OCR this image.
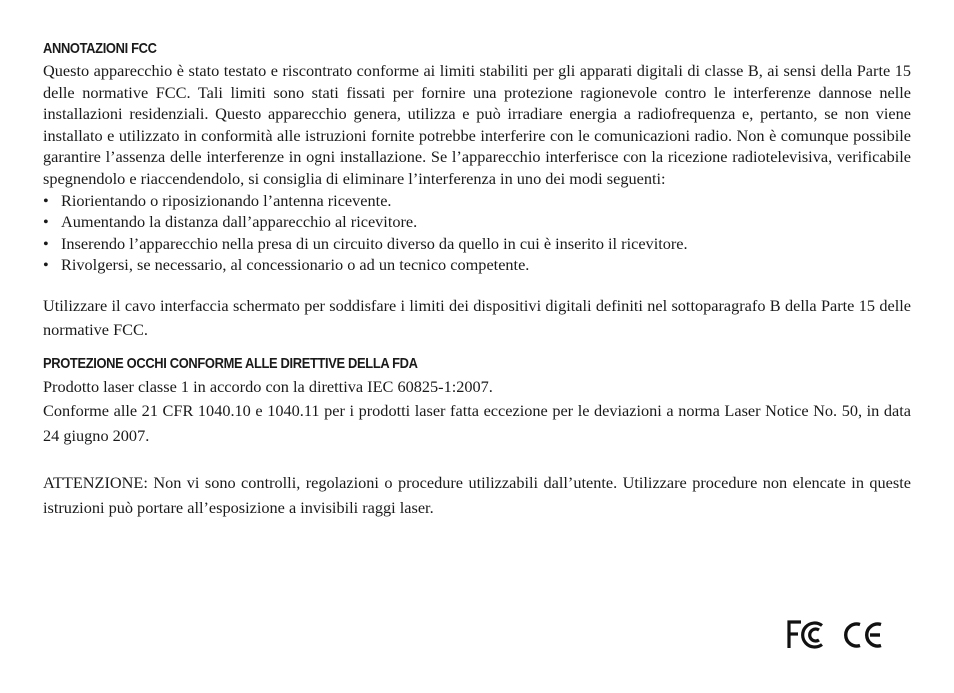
ANNOTAZIONI FCC

Questo apparecchio è stato testato e riscontrato conforme ai limiti stabiliti per gli apparati digitali di classe B, ai sensi della Parte 15 delle normative FCC. Tali limiti sono stati fissati per fornire una protezione ragionevole contro le interferenze dannose nelle installazioni residenziali. Questo apparecchio genera, utilizza e può irradiare energia a radiofrequenza e, pertanto, se non viene installato e utilizzato in conformità alle istruzioni fornite potrebbe interferire con le comunicazioni radio. Non è comunque possibile garantire l’assenza delle interferenze in ogni installazione. Se l’apparecchio interferisce con la ricezione radiotelevisiva, verificabile spegnendolo e riaccendendolo, si consiglia di eliminare l’interferenza in uno dei modi seguenti:

• Riorientando o riposizionando l’antenna ricevente.
• Aumentando la distanza dall’apparecchio al ricevitore.
• Inserendo l’apparecchio nella presa di un circuito diverso da quello in cui è inserito il ricevitore.
• Rivolgersi, se necessario, al concessionario o ad un tecnico competente.

Utilizzare il cavo interfaccia schermato per soddisfare i limiti dei dispositivi digitali definiti nel sottoparagrafo B della Parte 15 delle normative FCC.

PROTEZIONE OCCHI CONFORME ALLE DIRETTIVE DELLA FDA

Prodotto laser classe 1 in accordo con la direttiva IEC 60825-1:2007.

Conforme alle 21 CFR 1040.10 e 1040.11 per i prodotti laser fatta eccezione per le deviazioni a norma Laser Notice No. 50, in data 24 giugno 2007.

ATTENZIONE: Non vi sono controlli, regolazioni o procedure utilizzabili dall’utente. Utilizzare procedure non elencate in queste istruzioni può portare all’esposizione a invisibili raggi laser.
